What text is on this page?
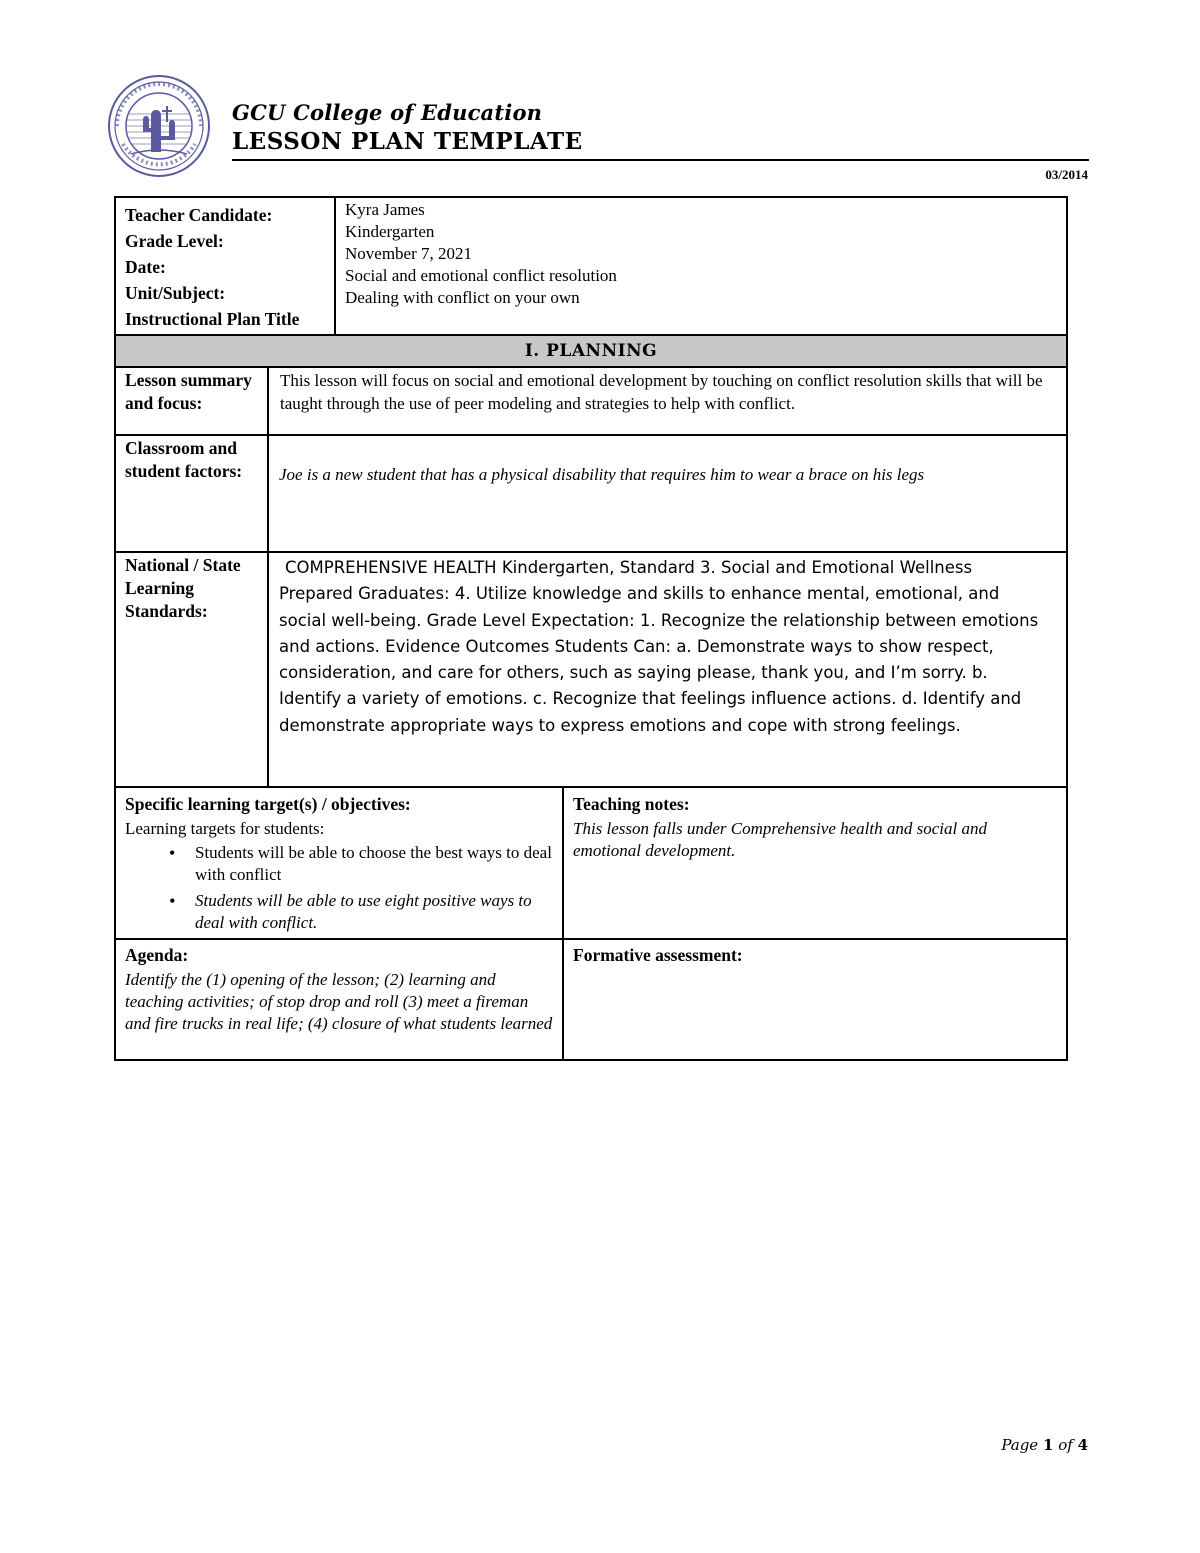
GCU College of Education
LESSON PLAN TEMPLATE
03/2014
Teacher Candidate:
Grade Level:
Date:
Unit/Subject:
Instructional Plan Title
Kyra James
Kindergarten
November 7, 2021
Social and emotional conflict resolution
Dealing with conflict on your own
I. PLANNING
Lesson summary and focus:
This lesson will focus on social and emotional development by touching on conflict resolution skills that will be taught through the use of peer modeling and strategies to help with conflict.
Classroom and student factors:	Joe is a new student that has a physical disability that requires him to wear a brace on his legs
National / State Learning Standards:
COMPREHENSIVE HEALTH Kindergarten, Standard 3. Social and Emotional Wellness Prepared Graduates: 4. Utilize knowledge and skills to enhance mental, emotional, and social well-being. Grade Level Expectation: 1. Recognize the relationship between emotions and actions. Evidence Outcomes Students Can: a. Demonstrate ways to show respect, consideration, and care for others, such as saying please, thank you, and I’m sorry. b. Identify a variety of emotions. c. Recognize that feelings influence actions. d. Identify and demonstrate appropriate ways to express emotions and cope with strong feelings.
Specific learning target(s) / objectives:
Learning targets for students:
• Students will be able to choose the best ways to deal with conflict
• Students will be able to use eight positive ways to deal with conflict.
Teaching notes:
This lesson falls under Comprehensive health and social and emotional development.
Agenda:
Identify the (1) opening of the lesson; (2) learning and teaching activities; of stop drop and roll (3) meet a fireman and fire trucks in real life; (4) closure of what students learned
Formative assessment:
Page 1 of 4
